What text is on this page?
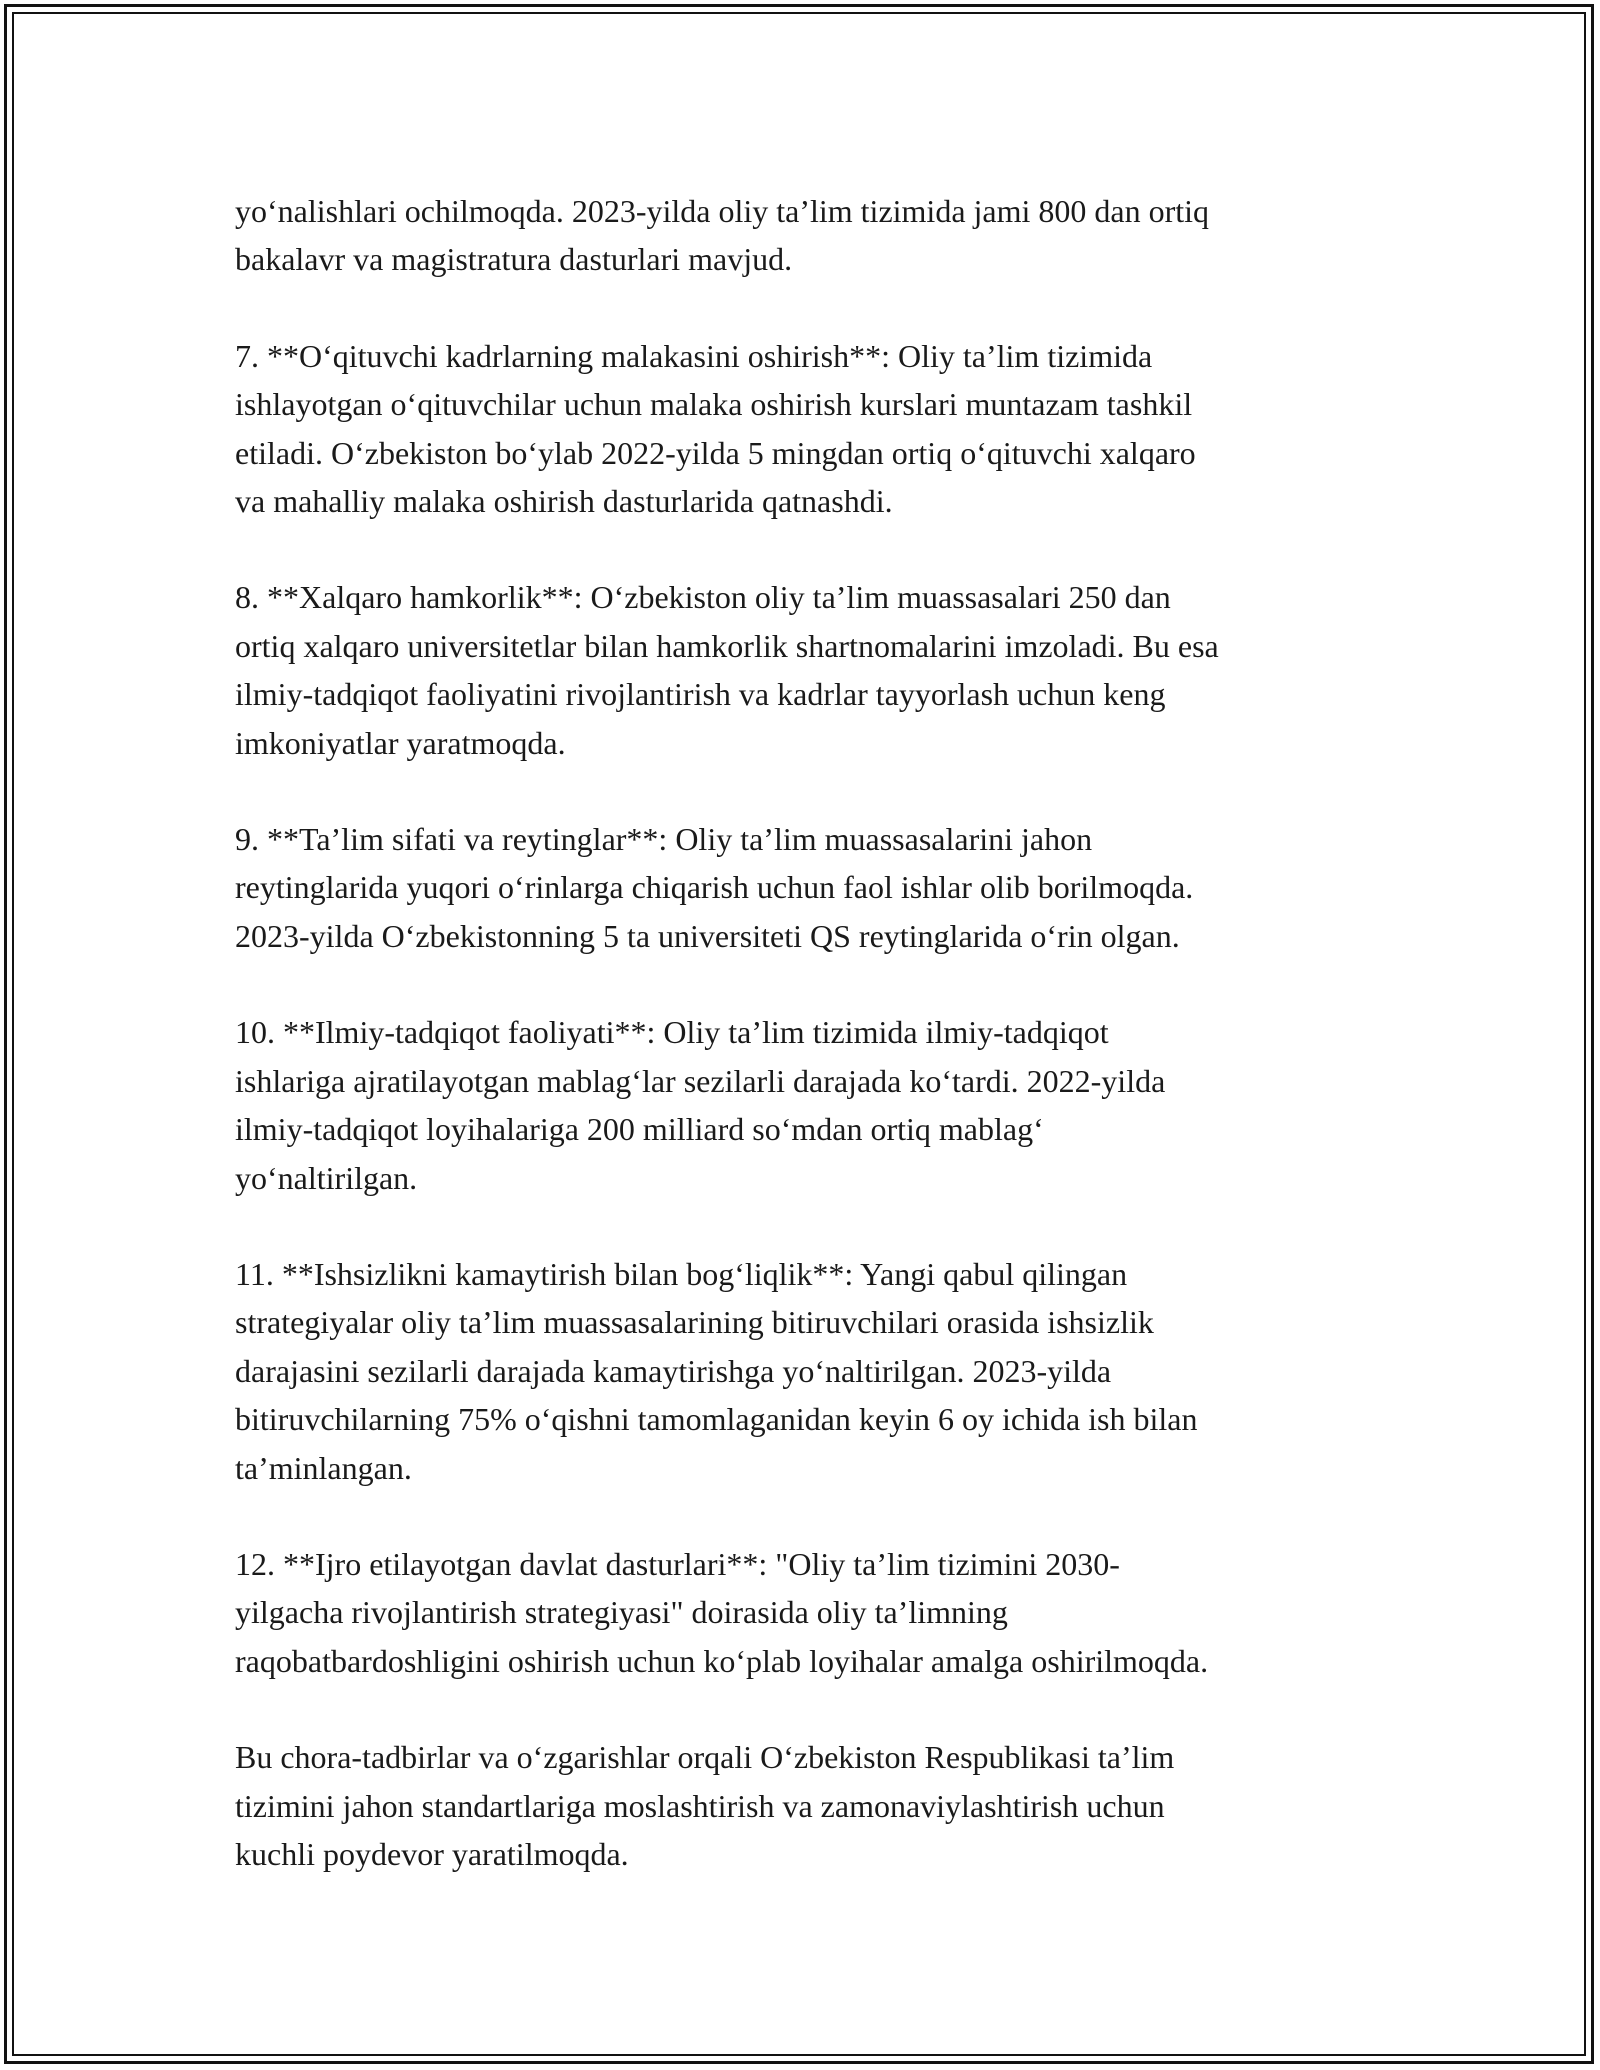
yo‘nalishlari ochilmoqda. 2023-yilda oliy ta’lim tizimida jami 800 dan ortiq
bakalavr va magistratura dasturlari mavjud.

7. **O‘qituvchi kadrlarning malakasini oshirish**: Oliy ta’lim tizimida
ishlayotgan o‘qituvchilar uchun malaka oshirish kurslari muntazam tashkil
etiladi. O‘zbekiston bo‘ylab 2022-yilda 5 mingdan ortiq o‘qituvchi xalqaro
va mahalliy malaka oshirish dasturlarida qatnashdi.

8. **Xalqaro hamkorlik**: O‘zbekiston oliy ta’lim muassasalari 250 dan
ortiq xalqaro universitetlar bilan hamkorlik shartnomalarini imzoladi. Bu esa
ilmiy-tadqiqot faoliyatini rivojlantirish va kadrlar tayyorlash uchun keng
imkoniyatlar yaratmoqda.

9. **Ta’lim sifati va reytinglar**: Oliy ta’lim muassasalarini jahon
reytinglarida yuqori o‘rinlarga chiqarish uchun faol ishlar olib borilmoqda.
2023-yilda O‘zbekistonning 5 ta universiteti QS reytinglarida o‘rin olgan.

10. **Ilmiy-tadqiqot faoliyati**: Oliy ta’lim tizimida ilmiy-tadqiqot
ishlariga ajratilayotgan mablag‘lar sezilarli darajada ko‘tardi. 2022-yilda
ilmiy-tadqiqot loyihalariga 200 milliard so‘mdan ortiq mablag‘
yo‘naltirilgan.

11. **Ishsizlikni kamaytirish bilan bog‘liqlik**: Yangi qabul qilingan
strategiyalar oliy ta’lim muassasalarining bitiruvchilari orasida ishsizlik
darajasini sezilarli darajada kamaytirishga yo‘naltirilgan. 2023-yilda
bitiruvchilarning 75% o‘qishni tamomlaganidan keyin 6 oy ichida ish bilan
ta’minlangan.

12. **Ijro etilayotgan davlat dasturlari**: "Oliy ta’lim tizimini 2030-
yilgacha rivojlantirish strategiyasi" doirasida oliy ta’limning
raqobatbardoshligini oshirish uchun ko‘plab loyihalar amalga oshirilmoqda.

Bu chora-tadbirlar va o‘zgarishlar orqali O‘zbekiston Respublikasi ta’lim
tizimini jahon standartlariga moslashtirish va zamonaviylashtirish uchun
kuchli poydevor yaratilmoqda.
